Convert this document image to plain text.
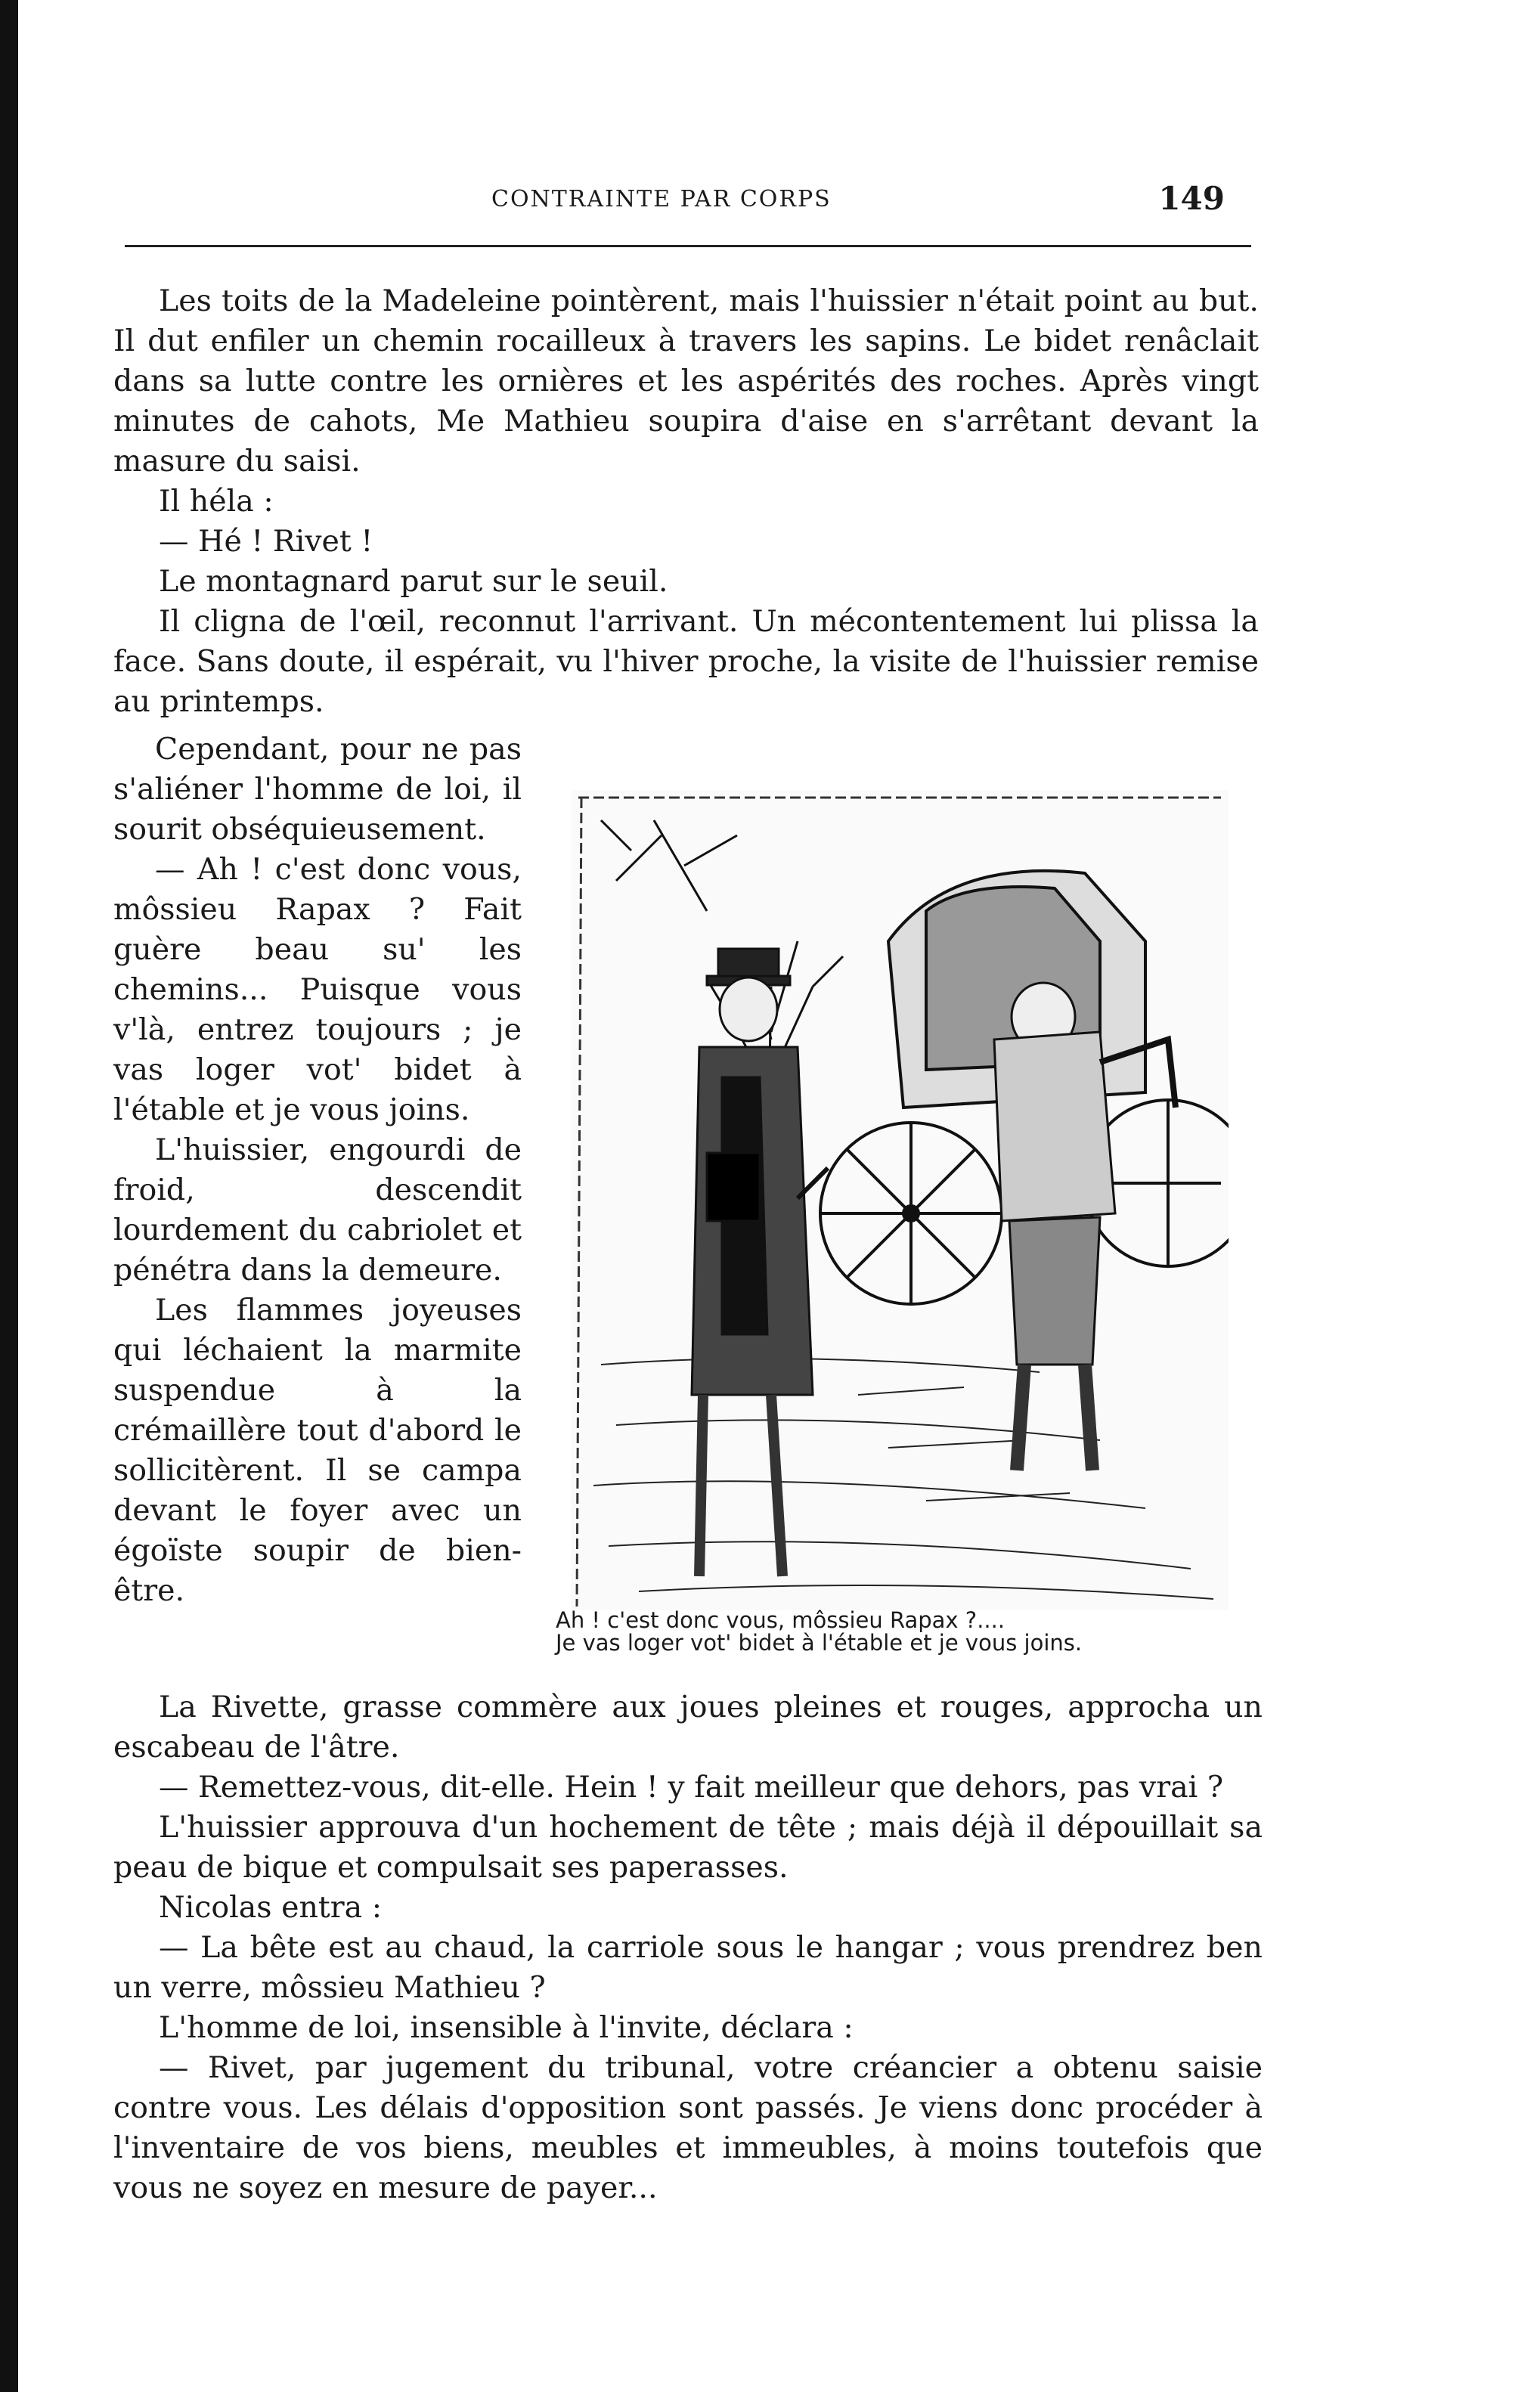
CONTRAINTE PAR CORPS	149

Les toits de la Madeleine pointèrent, mais l'huissier n'était point au but. Il dut enfiler un chemin rocailleux à travers les sapins. Le bidet renâclait dans sa lutte contre les ornières et les aspérités des roches. Après vingt minutes de cahots, Me Mathieu soupira d'aise en s'arrêtant devant la masure du saisi.

Il héla :

— Hé ! Rivet !

Le montagnard parut sur le seuil.

Il cligna de l'œil, reconnut l'arrivant. Un mécontentement lui plissa la face. Sans doute, il espérait, vu l'hiver proche, la visite de l'huissier remise au printemps.

Cependant, pour ne pas s'aliéner l'homme de loi, il sourit obséquieusement.

— Ah ! c'est donc vous, môssieu Rapax ? Fait guère beau su' les chemins... Puisque vous v'là, entrez toujours ; je vas loger vot' bidet à l'étable et je vous joins.

L'huissier, engourdi de froid, descendit lourdement du cabriolet et pénétra dans la demeure.

Les flammes joyeuses qui léchaient la marmite suspendue à la crémaillère tout d'abord le sollicitèrent. Il se campa devant le foyer avec un égoïste soupir de bien-être.

Ah ! c'est donc vous, môssieu Rapax ?....
Je vas loger vot' bidet à l'étable et je vous joins.

La Rivette, grasse commère aux joues pleines et rouges, approcha un escabeau de l'âtre.

— Remettez-vous, dit-elle. Hein ! y fait meilleur que dehors, pas vrai ?

L'huissier approuva d'un hochement de tête ; mais déjà il dépouillait sa peau de bique et compulsait ses paperasses.

Nicolas entra :

— La bête est au chaud, la carriole sous le hangar ; vous prendrez ben un verre, môssieu Mathieu ?

L'homme de loi, insensible à l'invite, déclara :

— Rivet, par jugement du tribunal, votre créancier a obtenu saisie contre vous. Les délais d'opposition sont passés. Je viens donc procéder à l'inventaire de vos biens, meubles et immeubles, à moins toutefois que vous ne soyez en mesure de payer...
